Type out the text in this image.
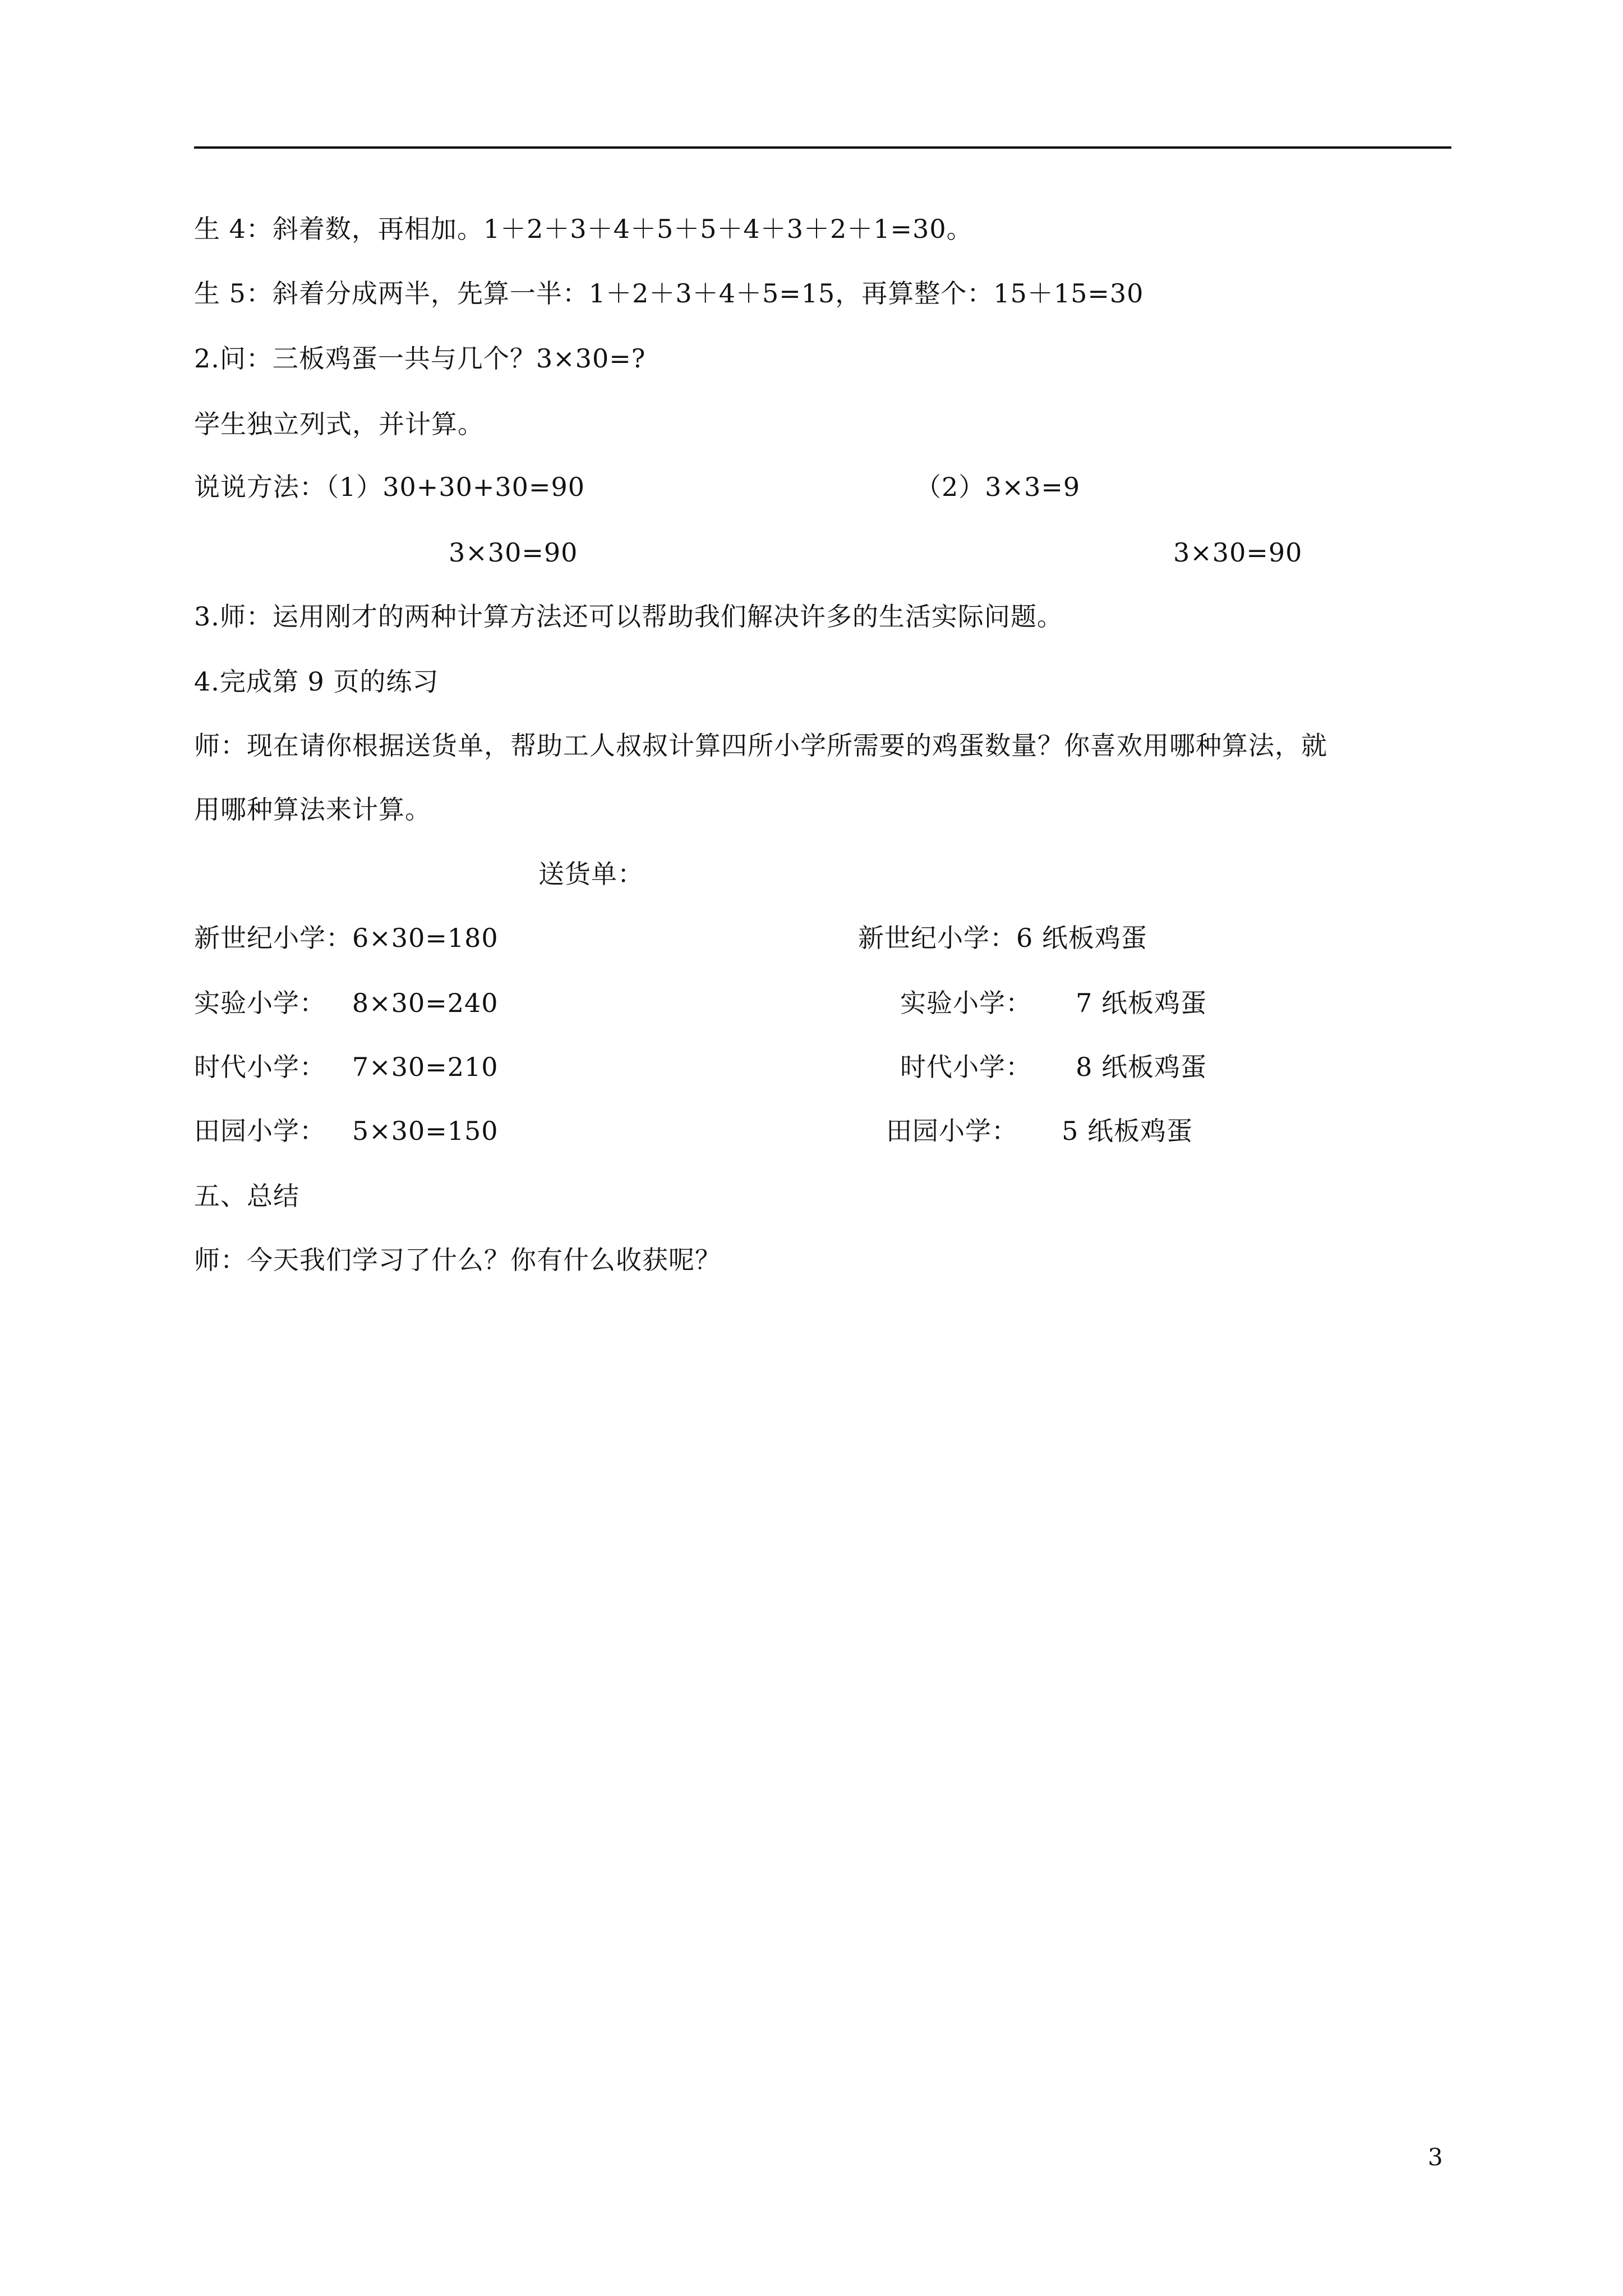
生 4：斜着数，再相加。1＋2＋3＋4＋5＋5＋4＋3＋2＋1=30。
生 5：斜着分成两半，先算一半：1＋2＋3＋4＋5=15，再算整个：15＋15=30
2.问：三板鸡蛋一共与几个？3×30=?
学生独立列式，并计算。
说说方法：（1）30+30+30=90	（2）3×3=9
3×30=90	3×30=90
3.师：运用刚才的两种计算方法还可以帮助我们解决许多的生活实际问题。
4.完成第 9 页的练习
师：现在请你根据送货单，帮助工人叔叔计算四所小学所需要的鸡蛋数量？你喜欢用哪种算法，就
用哪种算法来计算。
送货单：
新世纪小学：6×30=180	新世纪小学：6 纸板鸡蛋
实验小学：   8×30=240	实验小学：     7 纸板鸡蛋
时代小学：   7×30=210	时代小学：     8 纸板鸡蛋
田园小学：   5×30=150	田园小学：     5 纸板鸡蛋
五、总结
师：今天我们学习了什么？你有什么收获呢？
3
